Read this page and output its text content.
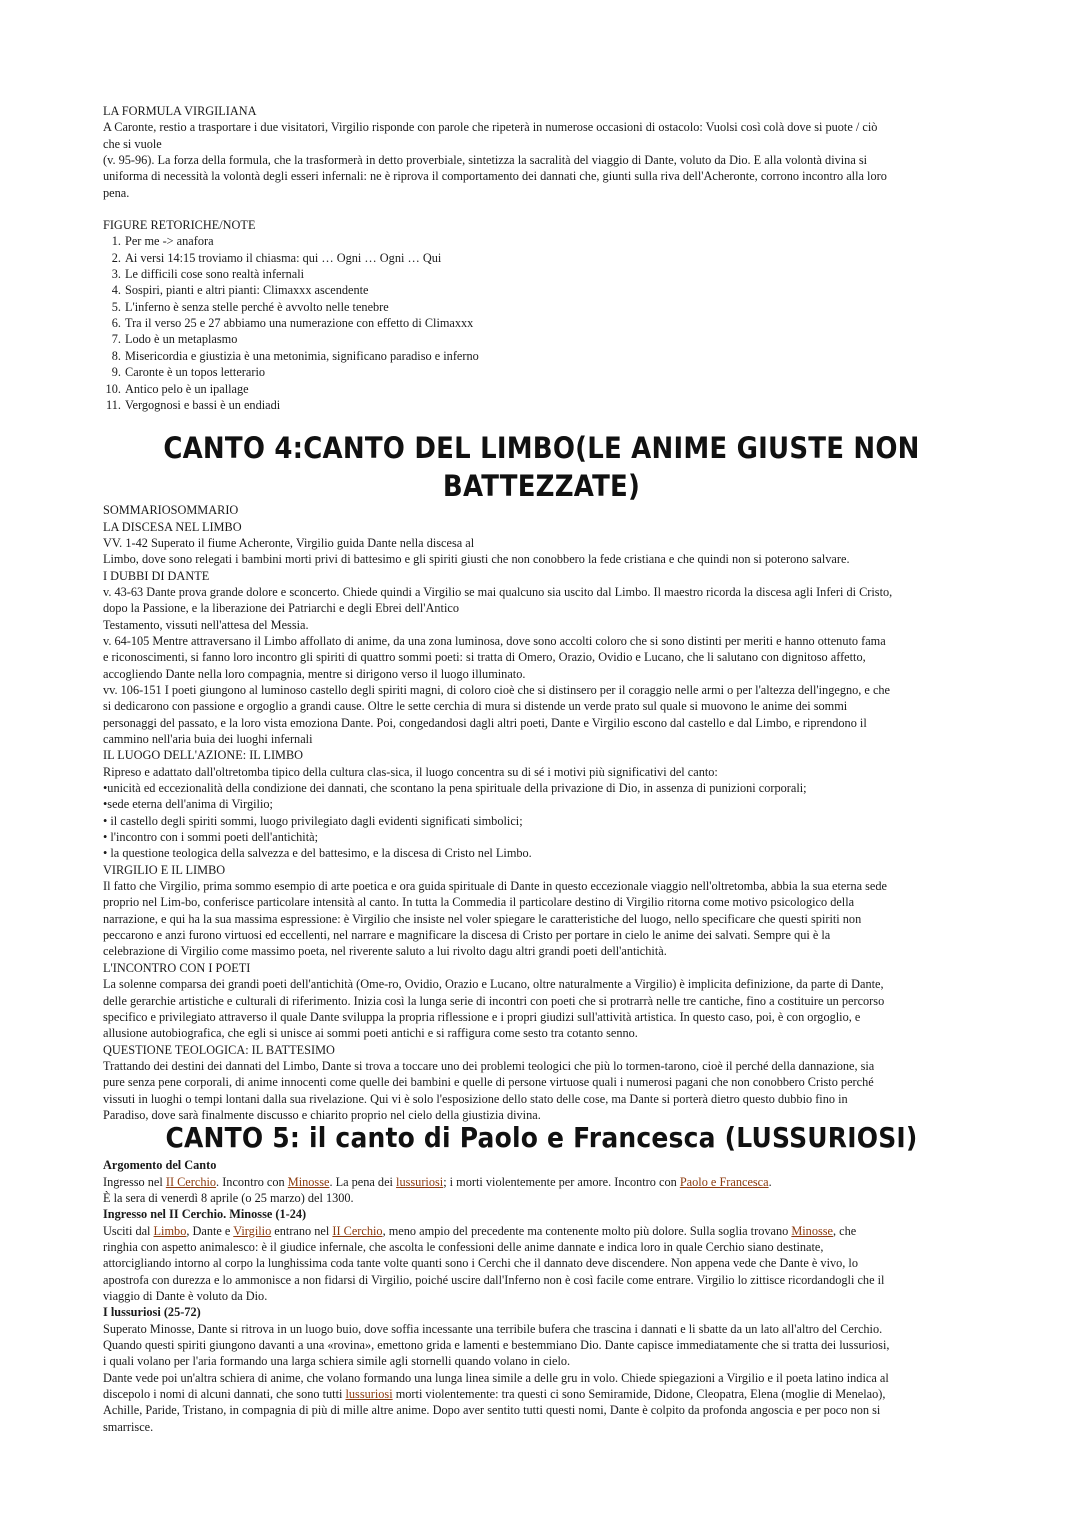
LA FORMULA VIRGILIANA

A Caronte, restio a trasportare i due visitatori, Virgilio risponde con parole che ripeterà in numerose occasioni di ostacolo: Vuolsi così colà dove si puote / ciò

che si vuole

(v. 95-96). La forza della formula, che la trasformerà in detto proverbiale, sintetizza la sacralità del viaggio di Dante, voluto da Dio. E alla volontà divina si

uniforma di necessità la volontà degli esseri infernali: ne è riprova il comportamento dei dannati che, giunti sulla riva dell'Acheronte, corrono incontro alla loro

pena.

FIGURE RETORICHE/NOTE

1. Per me -> anafora
2. Ai versi 14:15 troviamo il chiasma: qui … Ogni … Ogni … Qui
3. Le difficili cose sono realtà infernali
4. Sospiri, pianti e altri pianti: Climaxxx ascendente
5. L'inferno è senza stelle perché è avvolto nelle tenebre
6. Tra il verso 25 e 27 abbiamo una numerazione con effetto di Climaxxx
7. Lodo è un metaplasmo
8. Misericordia e giustizia è una metonimia, significano paradiso e inferno
9. Caronte è un topos letterario
10. Antico pelo è un ipallage
11. Vergognosi e bassi è un endiadi
CANTO 4:CANTO DEL LIMBO(LE ANIME GIUSTE NON BATTEZZATE)

SOMMARIOSOMMARIO

LA DISCESA NEL LIMBO

VV. 1-42 Superato il fiume Acheronte, Virgilio guida Dante nella discesa al

Limbo, dove sono relegati i bambini morti privi di battesimo e gli spiriti giusti che non conobbero la fede cristiana e che quindi non si poterono salvare.

I DUBBI DI DANTE

v. 43-63 Dante prova grande dolore e sconcerto. Chiede quindi a Virgilio se mai qualcuno sia uscito dal Limbo. Il maestro ricorda la discesa agli Inferi di Cristo,

dopo la Passione, e la liberazione dei Patriarchi e degli Ebrei dell'Antico

Testamento, vissuti nell'attesa del Messia.

v. 64-105 Mentre attraversano il Limbo affollato di anime, da una zona luminosa, dove sono accolti coloro che si sono distinti per meriti e hanno ottenuto fama

e riconoscimenti, si fanno loro incontro gli spiriti di quattro sommi poeti: si tratta di Omero, Orazio, Ovidio e Lucano, che li salutano con dignitoso affetto,

accogliendo Dante nella loro compagnia, mentre si dirigono verso il luogo illuminato.

vv. 106-151 I poeti giungono al luminoso castello degli spiriti magni, di coloro cioè che si distinsero per il coraggio nelle armi o per l'altezza dell'ingegno, e che

si dedicarono con passione e orgoglio a grandi cause. Oltre le sette cerchia di mura si distende un verde prato sul quale si muovono le anime dei sommi

personaggi del passato, e la loro vista emoziona Dante. Poi, congedandosi dagli altri poeti, Dante e Virgilio escono dal castello e dal Limbo, e riprendono il

cammino nell'aria buia dei luoghi infernali

IL LUOGO DELL'AZIONE: IL LIMBO

Ripreso e adattato dall'oltretomba tipico della cultura clas-sica, il luogo concentra su di sé i motivi più significativi del canto:

•unicità ed eccezionalità della condizione dei dannati, che scontano la pena spirituale della privazione di Dio, in assenza di punizioni corporali;

•sede eterna dell'anima di Virgilio;

• il castello degli spiriti sommi, luogo privilegiato dagli evidenti significati simbolici;

• l'incontro con i sommi poeti dell'antichità;

• la questione teologica della salvezza e del battesimo, e la discesa di Cristo nel Limbo.

VIRGILIO E IL LIMBO

Il fatto che Virgilio, prima sommo esempio di arte poetica e ora guida spirituale di Dante in questo eccezionale viaggio nell'oltretomba, abbia la sua eterna sede

proprio nel Lim-bo, conferisce particolare intensità al canto. In tutta la Commedia il particolare destino di Virgilio ritorna come motivo psicologico della

narrazione, e qui ha la sua massima espressione: è Virgilio che insiste nel voler spiegare le caratteristiche del luogo, nello specificare che questi spiriti non

peccarono e anzi furono virtuosi ed eccellenti, nel narrare e magnificare la discesa di Cristo per portare in cielo le anime dei salvati. Sempre qui è la

celebrazione di Virgilio come massimo poeta, nel riverente saluto a lui rivolto dagu altri grandi poeti dell'antichità.

L'INCONTRO CON I POETI

La solenne comparsa dei grandi poeti dell'antichità (Ome-ro, Ovidio, Orazio e Lucano, oltre naturalmente a Virgilio) è implicita definizione, da parte di Dante,

delle gerarchie artistiche e culturali di riferimento. Inizia così la lunga serie di incontri con poeti che si protrarrà nelle tre cantiche, fino a costituire un percorso

specifico e privilegiato attraverso il quale Dante sviluppa la propria riflessione e i propri giudizi sull'attività artistica. In questo caso, poi, è con orgoglio, e

allusione autobiografica, che egli si unisce ai sommi poeti antichi e si raffigura come sesto tra cotanto senno.

QUESTIONE TEOLOGICA: IL BATTESIMO

Trattando dei destini dei dannati del Limbo, Dante si trova a toccare uno dei problemi teologici che più lo tormen-tarono, cioè il perché della dannazione, sia

pure senza pene corporali, di anime innocenti come quelle dei bambini e quelle di persone virtuose quali i numerosi pagani che non conobbero Cristo perché

vissuti in luoghi o tempi lontani dalla sua rivelazione. Qui vi è solo l'esposizione dello stato delle cose, ma Dante si porterà dietro questo dubbio fino in

Paradiso, dove sarà finalmente discusso e chiarito proprio nel cielo della giustizia divina.

CANTO 5: il canto di Paolo e Francesca (LUSSURIOSI)

Argomento del Canto

Ingresso nel II Cerchio. Incontro con Minosse. La pena dei lussuriosi; i morti violentemente per amore. Incontro con Paolo e Francesca.

È la sera di venerdì 8 aprile (o 25 marzo) del 1300.

Ingresso nel II Cerchio. Minosse (1-24)

Usciti dal Limbo, Dante e Virgilio entrano nel II Cerchio, meno ampio del precedente ma contenente molto più dolore. Sulla soglia trovano Minosse, che

ringhia con aspetto animalesco: è il giudice infernale, che ascolta le confessioni delle anime dannate e indica loro in quale Cerchio siano destinate,

attorcigliando intorno al corpo la lunghissima coda tante volte quanti sono i Cerchi che il dannato deve discendere. Non appena vede che Dante è vivo, lo

apostrofa con durezza e lo ammonisce a non fidarsi di Virgilio, poiché uscire dall'Inferno non è così facile come entrare. Virgilio lo zittisce ricordandogli che il

viaggio di Dante è voluto da Dio.

I lussuriosi (25-72)

Superato Minosse, Dante si ritrova in un luogo buio, dove soffia incessante una terribile bufera che trascina i dannati e li sbatte da un lato all'altro del Cerchio.

Quando questi spiriti giungono davanti a una «rovina», emettono grida e lamenti e bestemmiano Dio. Dante capisce immediatamente che si tratta dei lussuriosi,

i quali volano per l'aria formando una larga schiera simile agli stornelli quando volano in cielo.

Dante vede poi un'altra schiera di anime, che volano formando una lunga linea simile a delle gru in volo. Chiede spiegazioni a Virgilio e il poeta latino indica al

discepolo i nomi di alcuni dannati, che sono tutti lussuriosi morti violentemente: tra questi ci sono Semiramide, Didone, Cleopatra, Elena (moglie di Menelao),

Achille, Paride, Tristano, in compagnia di più di mille altre anime. Dopo aver sentito tutti questi nomi, Dante è colpito da profonda angoscia e per poco non si

smarrisce.
